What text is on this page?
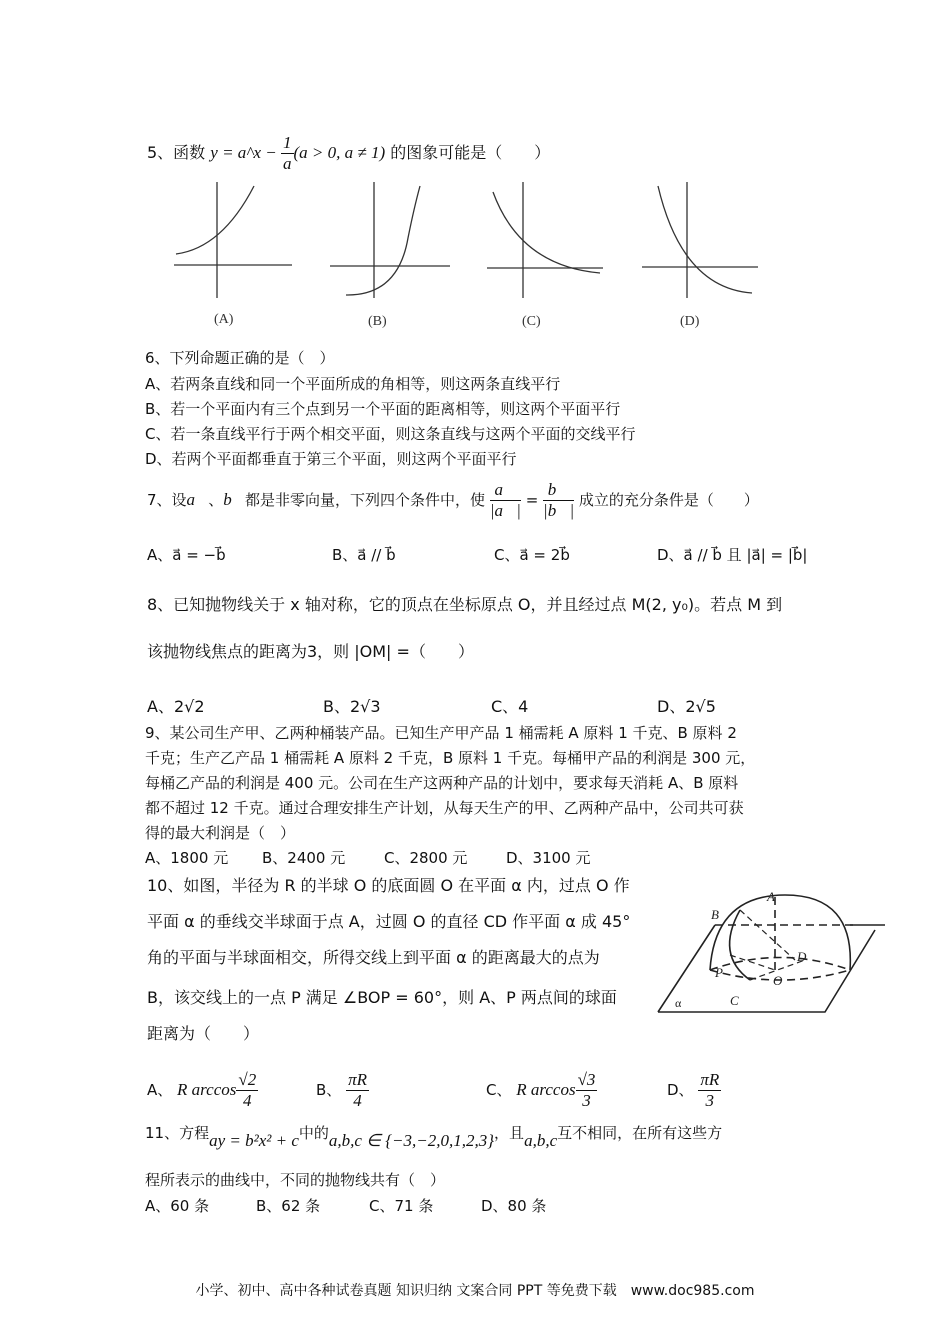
5、函数 y = a^x − $\frac{1}{a} (a > 0$, a ≠ 1) 的图象可能是（　　）
(A)	(B)	(C)	(D)
6、下列命题正确的是（　）
A、若两条直线和同一个平面所成的角相等，则这两条直线平行
B、若一个平面内有三个点到另一个平面的距离相等，则这两个平面平行
C、若一条直线平行于两个相交平面，则这条直线与这两个平面的交线平行
D、若两个平面都垂直于第三个平面，则这两个平面平行
7、设a⃗、b⃗都是非零向量，下列四个条件中，使 $\frac{a⃗}{|a⃗|} = \frac{b⃗}{|b⃗|}$ 成立的充分条件是（　　）
A、a⃗ = −b⃗	B、a⃗ // b⃗	C、a⃗ = 2b⃗	D、a⃗ // b⃗ 且 |a⃗| = |b⃗|
8、已知抛物线关于 x 轴对称，它的顶点在坐标原点 O，并且经过点 M(2, y₀)。若点 M 到
该抛物线焦点的距离为3，则 |OM| =（　　）
A、2√2	B、2√3	C、4	D、2√5
9、某公司生产甲、乙两种桶装产品。已知生产甲产品 1 桶需耗 A 原料 1 千克、B 原料 2
千克；生产乙产品 1 桶需耗 A 原料 2 千克，B 原料 1 千克。每桶甲产品的利润是 300 元，
每桶乙产品的利润是 400 元。公司在生产这两种产品的计划中，要求每天消耗 A、B 原料
都不超过 12 千克。通过合理安排生产计划，从每天生产的甲、乙两种产品中，公司共可获
得的最大利润是（　）
A、1800 元 B、2400 元	C、2800 元	D、3100 元
10、如图，半径为 R 的半球 O 的底面圆 O 在平面 α 内，过点 O 作
平面 α 的垂线交半球面于点 A，过圆 O 的直径 CD 作平面 α 成 45°
角的平面与半球面相交，所得交线上到平面 α 的距离最大的点为
B，该交线上的一点 P 满足 ∠BOP = 60°，则 A、P 两点间的球面
距离为（　　）
A
B
D
P
O
C
α
A、 R $\arccos \frac{√2}{4}$	B、 $\frac{\pi R}{4}$	C、 R $\arccos \frac{√3}{3}$	D、 $\frac{\pi R}{3}$
11、方程ay = b²x² + c中的a,b,c ∈ {−3,−2,0,1,2,3}，且a,b,c互不相同，在所有这些方
程所表示的曲线中，不同的抛物线共有（　）
A、60 条	B、62 条	C、71 条	D、80 条
小学、初中、高中各种试卷真题 知识归纳 文案合同 PPT 等免费下载　www.doc985.com
